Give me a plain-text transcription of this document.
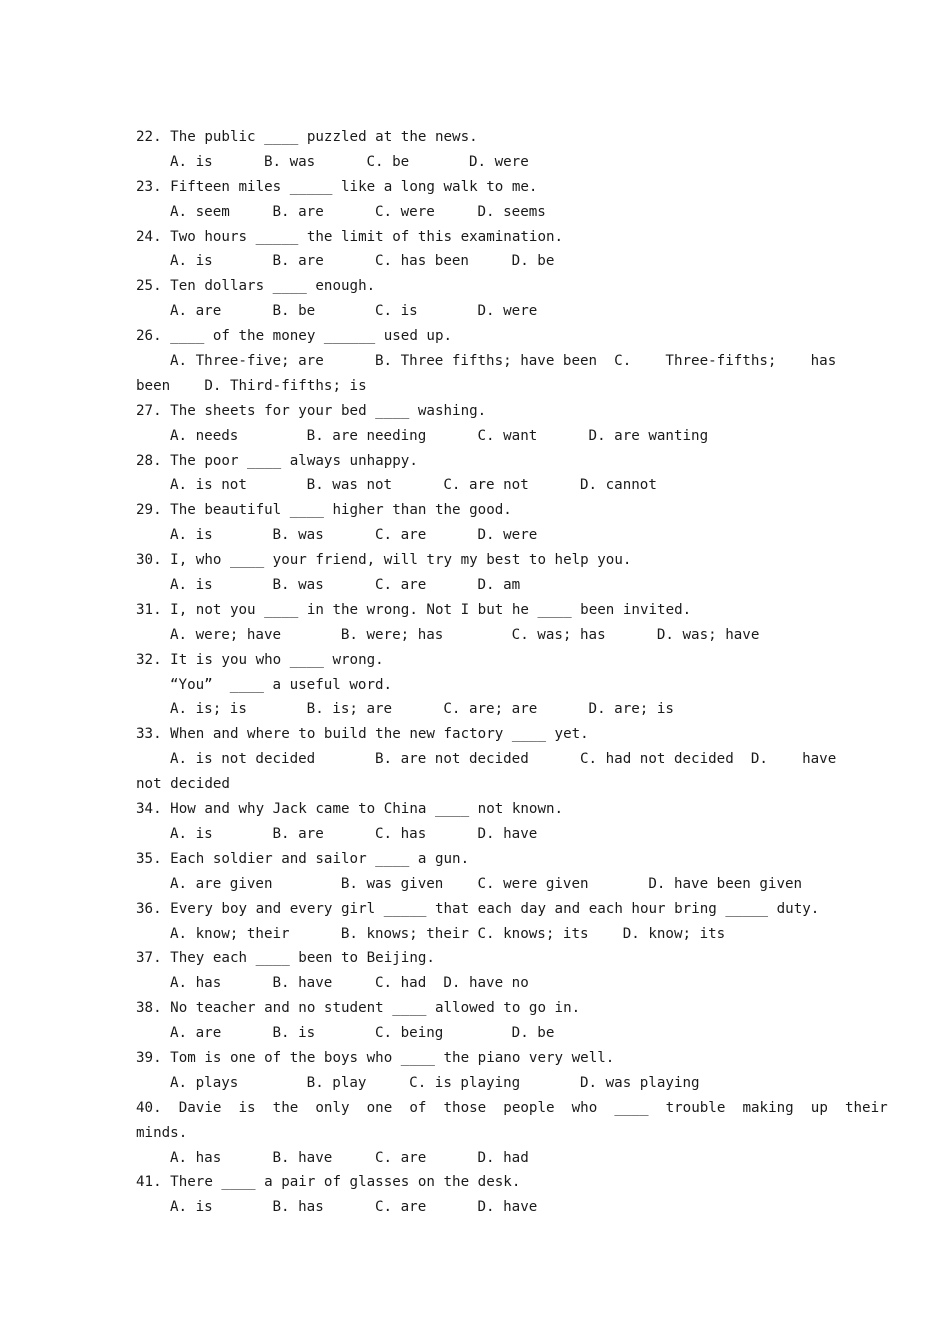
22. The public ____ puzzled at the news.
A. is      B. was      C. be       D. were
23. Fifteen miles _____ like a long walk to me.
A. seem     B. are      C. were     D. seems
24. Two hours _____ the limit of this examination.
A. is       B. are      C. has been     D. be
25. Ten dollars ____ enough.
A. are      B. be       C. is       D. were
26. ____ of the money ______ used up.
A. Three-five; are      B. Three fifths; have been  C.    Three-fifths;    has
been    D. Third-fifths; is
27. The sheets for your bed ____ washing.
A. needs        B. are needing      C. want      D. are wanting
28. The poor ____ always unhappy.
A. is not       B. was not      C. are not      D. cannot
29. The beautiful ____ higher than the good.
A. is       B. was      C. are      D. were
30. I, who ____ your friend, will try my best to help you.
A. is       B. was      C. are      D. am
31. I, not you ____ in the wrong. Not I but he ____ been invited.
A. were; have       B. were; has        C. was; has      D. was; have
32. It is you who ____ wrong.
“You”  ____ a useful word.
A. is; is       B. is; are      C. are; are      D. are; is
33. When and where to build the new factory ____ yet.
A. is not decided       B. are not decided      C. had not decided  D.    have
not decided
34. How and why Jack came to China ____ not known.
A. is       B. are      C. has      D. have
35. Each soldier and sailor ____ a gun.
A. are given        B. was given    C. were given       D. have been given
36. Every boy and every girl _____ that each day and each hour bring _____ duty.
A. know; their      B. knows; their C. knows; its    D. know; its
37. They each ____ been to Beijing.
A. has      B. have     C. had  D. have no
38. No teacher and no student ____ allowed to go in.
A. are      B. is       C. being        D. be
39. Tom is one of the boys who ____ the piano very well.
A. plays        B. play     C. is playing       D. was playing
40.  Davie  is  the  only  one  of  those  people  who  ____  trouble  making  up  their
minds.
A. has      B. have     C. are      D. had
41. There ____ a pair of glasses on the desk.
A. is       B. has      C. are      D. have
